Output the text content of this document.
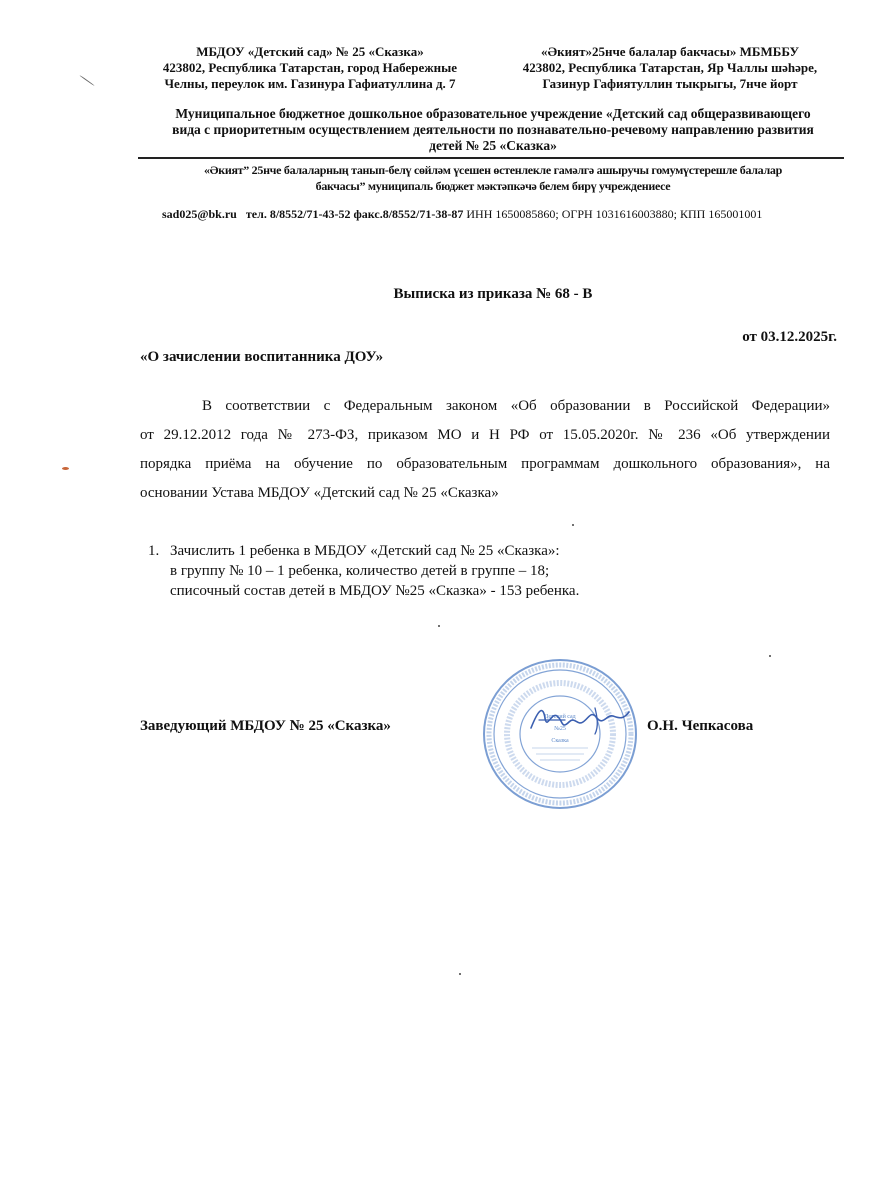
МБДОУ «Детский сад» № 25 «Сказка»
423802, Республика Татарстан, город Набережные
Челны, переулок им. Газинура Гафиатуллина д. 7
«Әкият»25нче балалар бакчасы» МБМББУ
423802, Республика Татарстан, Яр Чаллы шәһәре,
Газинур Гафиятуллин тыкрыгы, 7нче йорт
Муниципальное бюджетное дошкольное образовательное учреждение «Детский сад общеразвивающего
вида с приоритетным осуществлением деятельности по познавательно-речевому направлению развития
детей № 25 «Сказка»
«Әкият” 25нче балаларның танып-белү сөйләм үсешен өстенлекле гамәлгә ашыручы гомумүстерешле балалар
бакчасы” муниципаль бюджет мәктәпкәчә белем бирү учреждениесе
sad025@bk.ru тел. 8/8552/71-43-52 факс.8/8552/71-38-87 ИНН 1650085860; ОГРН 1031616003880; КПП 165001001
Выписка из приказа № 68 - В
от 03.12.2025г.
«О зачислении воспитанника ДОУ»
В соответствии с Федеральным законом «Об образовании в Российской Федерации»
от 29.12.2012 года № 273-ФЗ, приказом МО и Н РФ от 15.05.2020г. № 236 «Об утверждении
порядка приёма на обучение по образовательным программам дошкольного образования», на
основании Устава МБДОУ «Детский сад № 25 «Сказка»
1. Зачислить 1 ребенка в МБДОУ «Детский сад № 25 «Сказка»:
в группу № 10 – 1 ребенка, количество детей в группе – 18;
списочный состав детей в МБДОУ №25 «Сказка» - 153 ребенка.
Детский сад
№25
Сказка
Заведующий МБДОУ № 25 «Сказка»	О.Н. Чепкасова
